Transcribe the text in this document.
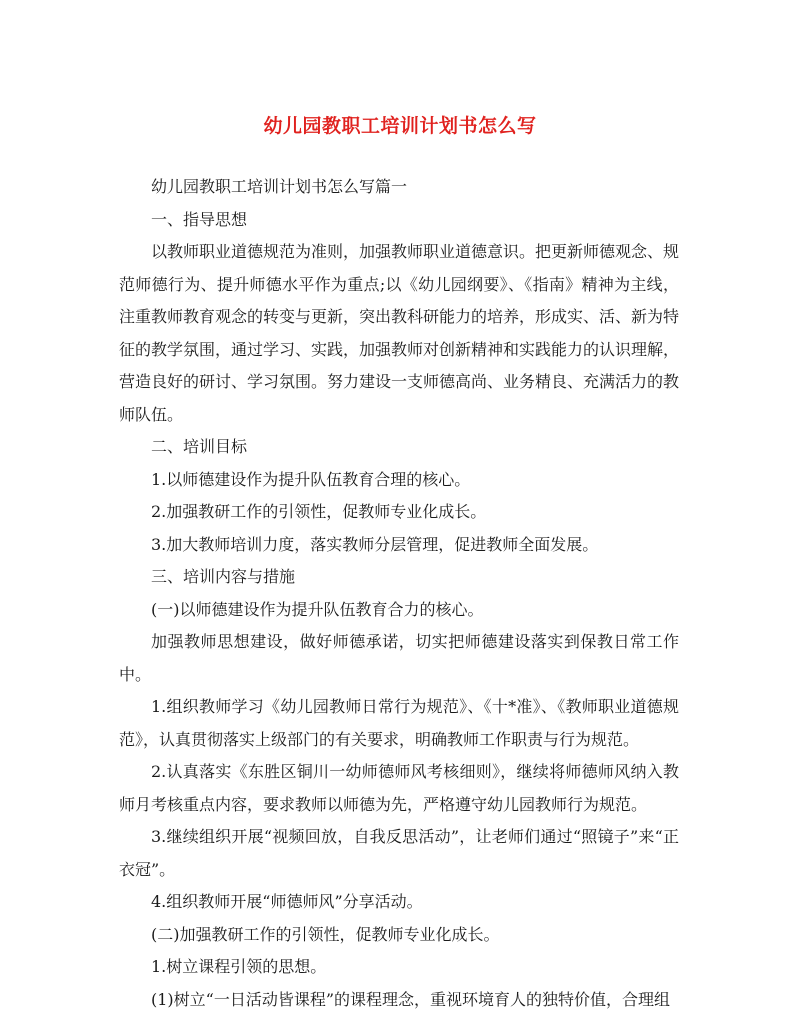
幼儿园教职工培训计划书怎么写

幼儿园教职工培训计划书怎么写篇一

一、指导思想

以教师职业道德规范为准则，加强教师职业道德意识。把更新师德观念、规范师德行为、提升师德水平作为重点;以《幼儿园纲要》、《指南》精神为主线，注重教师教育观念的转变与更新，突出教科研能力的培养，形成实、活、新为特征的教学氛围，通过学习、实践，加强教师对创新精神和实践能力的认识理解，营造良好的研讨、学习氛围。努力建设一支师德高尚、业务精良、充满活力的教师队伍。

二、培训目标

1.以师德建设作为提升队伍教育合理的核心。

2.加强教研工作的引领性，促教师专业化成长。

3.加大教师培训力度，落实教师分层管理，促进教师全面发展。

三、培训内容与措施

(一)以师德建设作为提升队伍教育合力的核心。

加强教师思想建设，做好师德承诺，切实把师德建设落实到保教日常工作中。

1.组织教师学习《幼儿园教师日常行为规范》、《十*准》、《教师职业道德规范》，认真贯彻落实上级部门的有关要求，明确教师工作职责与行为规范。

2.认真落实《东胜区铜川一幼师德师风考核细则》，继续将师德师风纳入教师月考核重点内容，要求教师以师德为先，严格遵守幼儿园教师行为规范。

3.继续组织开展“视频回放，自我反思活动”，让老师们通过“照镜子”来“正衣冠”。

4.组织教师开展“师德师风”分享活动。

(二)加强教研工作的引领性，促教师专业化成长。

1.树立课程引领的思想。

(1)树立“一日活动皆课程”的课程理念，重视环境育人的独特价值，合理组
